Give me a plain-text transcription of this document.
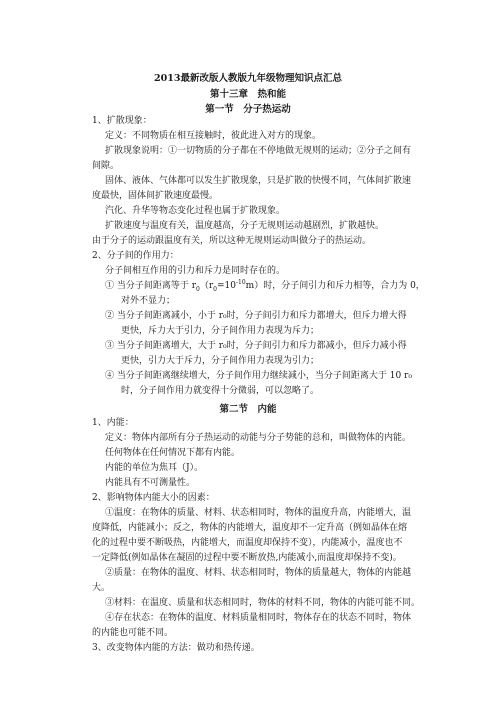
2013最新改版人教版九年级物理知识点汇总
第十三章　热和能
第一节　分子热运动
1、扩散现象：
定义：不同物质在相互接触时，彼此进入对方的现象。
扩散现象说明：①一切物质的分子都在不停地做无规则的运动；②分子之间有
间隙。
固体、液体、气体都可以发生扩散现象，只是扩散的快慢不同，气体间扩散速
度最快，固体间扩散速度最慢。
汽化、升华等物态变化过程也属于扩散现象。
扩散速度与温度有关，温度越高，分子无规则运动越剧烈，扩散越快。
由于分子的运动跟温度有关，所以这种无规则运动叫做分子的热运动。
2、分子间的作用力：
分子间相互作用的引力和斥力是同时存在的。
① 当分子间距离等于 $r_0(r_0=10^{-10}m)$时，分子间引力和斥力相等，合力为 0，
对外不显力；
② 当分子间距离减小，小于 r₀时，分子间引力和斥力都增大，但斥力增大得
更快，斥力大于引力，分子间作用力表现为斥力；
③ 当分子间距离增大，大于 r₀时，分子间引力和斥力都减小，但斥力减小得
更快，引力大于斥力，分子间作用力表现为引力；
④ 当分子间距离继续增大，分子间作用力继续减小，当分子间距离大于 10 r₀
时，分子间作用力就变得十分微弱，可以忽略了。
第二节　内能
1、内能：
定义：物体内部所有分子热运动的动能与分子势能的总和，叫做物体的内能。
任何物体在任何情况下都有内能。
内能的单位为焦耳（J）。
内能具有不可测量性。
2、影响物体内能大小的因素：
①温度：在物体的质量、材料、状态相同时，物体的温度升高，内能增大，温
度降低，内能减小；反之，物体的内能增大，温度却不一定升高（例如晶体在熔
化的过程中要不断吸热，内能增大，而温度却保持不变），内能减小，温度也不
一定降低(例如晶体在凝固的过程中要不断放热,内能减小,而温度却保持不变)。
②质量：在物体的温度、材料、状态相同时，物体的质量越大，物体的内能越
大。
③材料：在温度、质量和状态相同时，物体的材料不同，物体的内能可能不同。
④存在状态：在物体的温度、材料质量相同时，物体存在的状态不同时，物体
的内能也可能不同。
3、改变物体内能的方法：做功和热传递。
